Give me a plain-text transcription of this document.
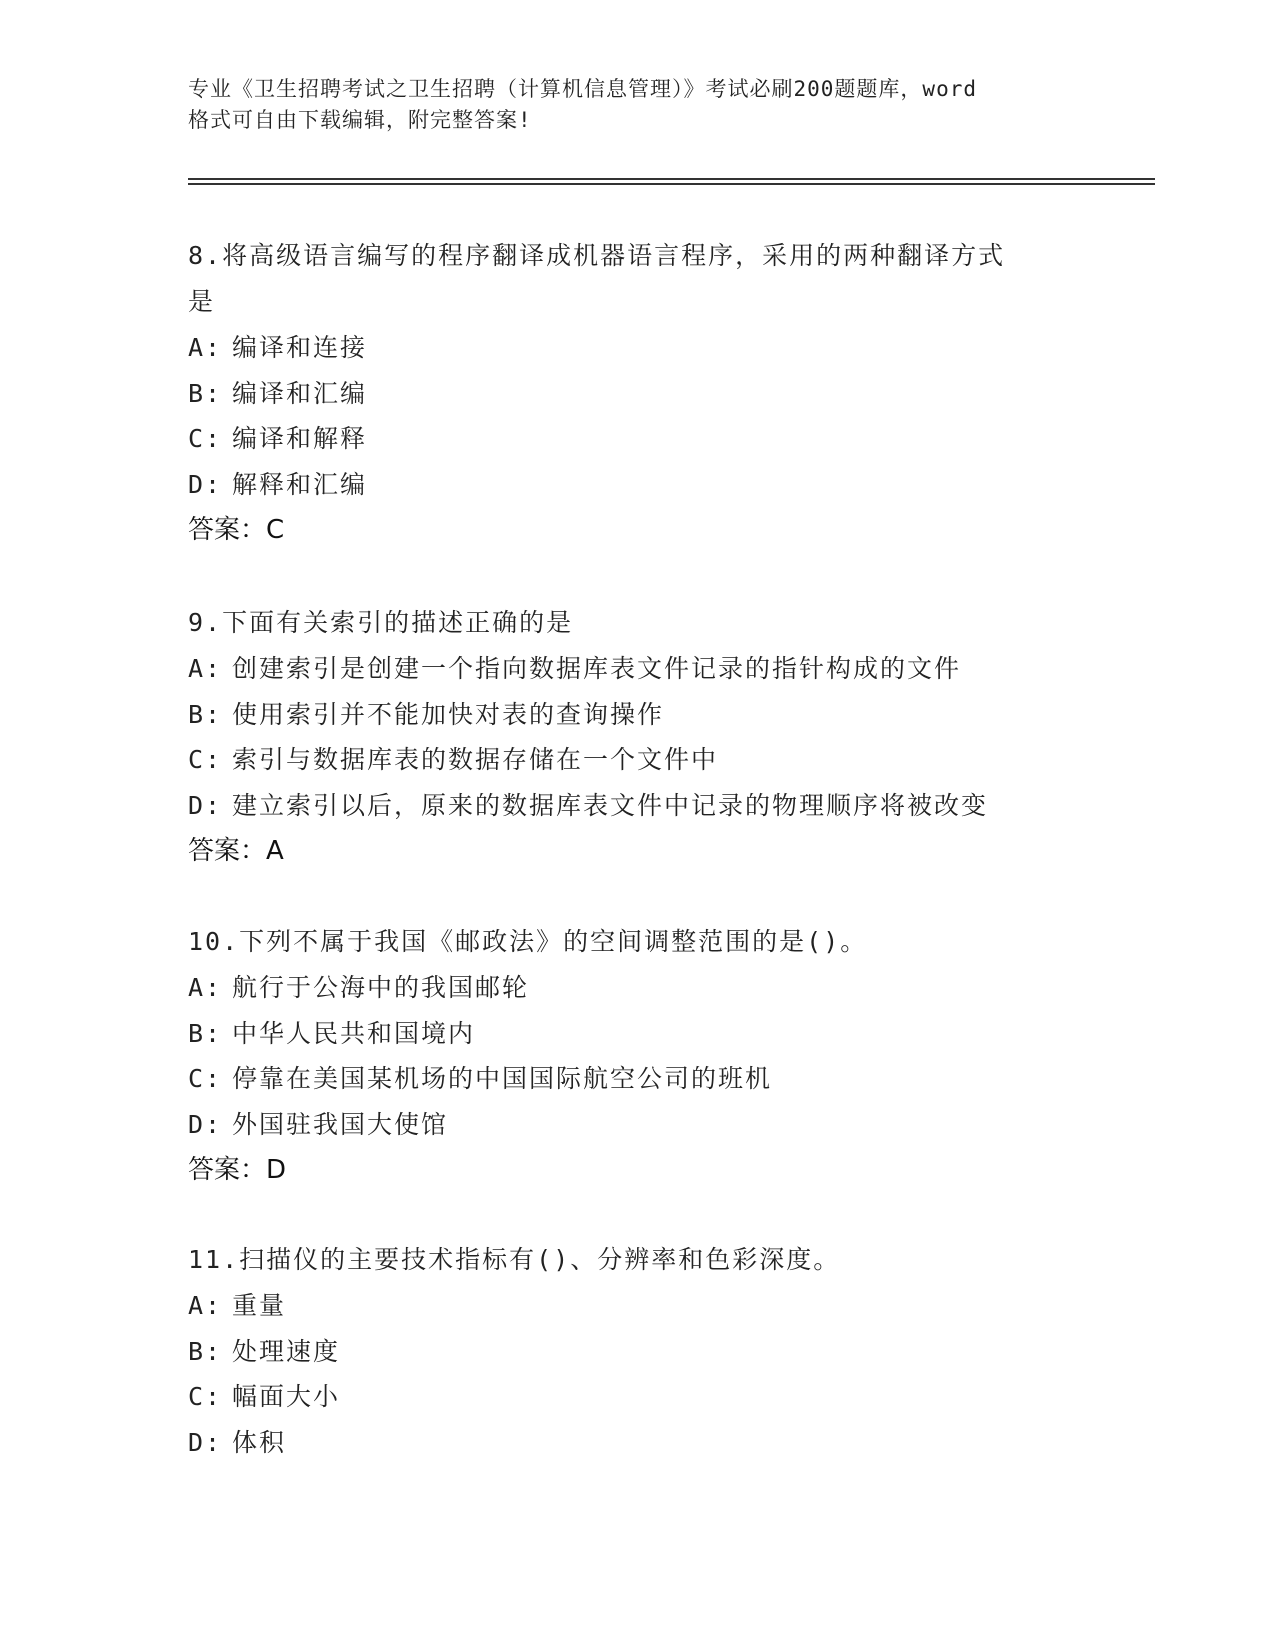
专业《卫生招聘考试之卫生招聘（计算机信息管理）》考试必刷200题题库，word
格式可自由下载编辑，附完整答案!
8.将高级语言编写的程序翻译成机器语言程序，采用的两种翻译方式
是
A: 编译和连接
B: 编译和汇编
C: 编译和解释
D: 解释和汇编
答案：C
9.下面有关索引的描述正确的是
A: 创建索引是创建一个指向数据库表文件记录的指针构成的文件
B: 使用索引并不能加快对表的查询操作
C: 索引与数据库表的数据存储在一个文件中
D: 建立索引以后，原来的数据库表文件中记录的物理顺序将被改变
答案：A
10.下列不属于我国《邮政法》的空间调整范围的是()。
A: 航行于公海中的我国邮轮
B: 中华人民共和国境内
C: 停靠在美国某机场的中国国际航空公司的班机
D: 外国驻我国大使馆
答案：D
11.扫描仪的主要技术指标有()、分辨率和色彩深度。
A: 重量
B: 处理速度
C: 幅面大小
D: 体积
